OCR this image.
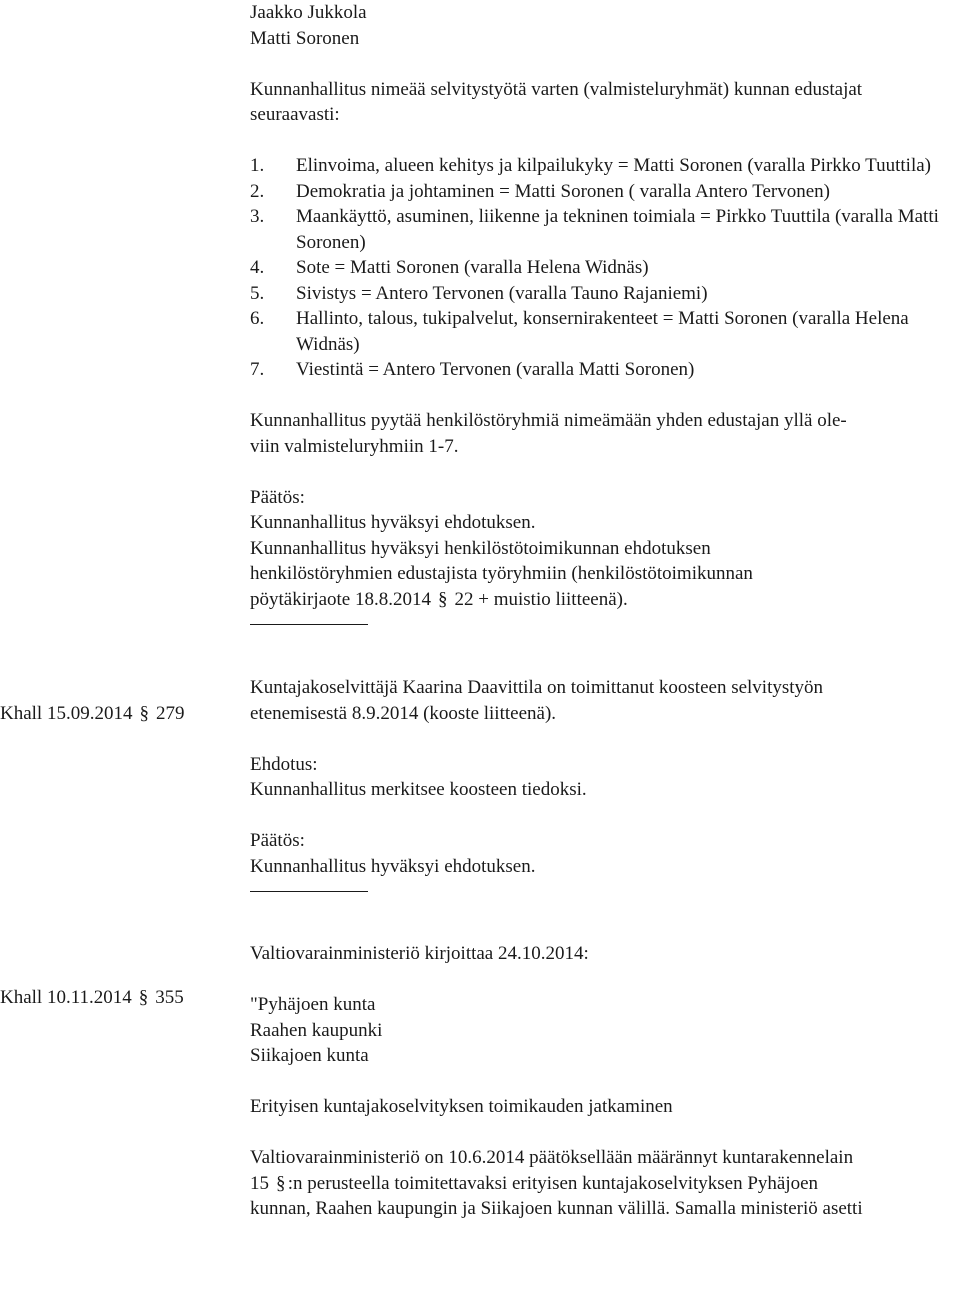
Jaakko Jukkola
Matti Soronen
Kunnanhallitus nimeää selvitystyötä varten (valmisteluryhmät) kunnan edustajat seuraavasti:
1. Elinvoima, alueen kehitys ja kilpailukyky = Matti Soronen (varalla Pirkko Tuuttila)
2. Demokratia ja johtaminen = Matti Soronen ( varalla Antero Tervonen)
3. Maankäyttö, asuminen, liikenne ja tekninen toimiala = Pirkko Tuuttila (varalla Matti Soronen)
4. Sote = Matti Soronen (varalla Helena Widnäs)
5. Sivistys = Antero Tervonen (varalla Tauno Rajaniemi)
6. Hallinto, talous, tukipalvelut, konsernirakenteet = Matti Soronen (varalla Helena Widnäs)
7. Viestintä = Antero Tervonen (varalla Matti Soronen)
Kunnanhallitus pyytää henkilöstöryhmiä nimeämään yhden edustajan yllä ole-
viin valmisteluryhmiin 1-7.
Päätös:
Kunnanhallitus hyväksyi ehdotuksen.
Kunnanhallitus hyväksyi henkilöstötoimikunnan ehdotuksen
henkilöstöryhmien edustajista työryhmiin (henkilöstötoimikunnan
pöytäkirjaote 18.8.2014 § 22 + muistio liitteenä).
Kuntajakoselvittäjä Kaarina Daavittila on toimittanut koosteen selvitystyön
etenemisestä 8.9.2014 (kooste liitteenä).
Ehdotus:
Kunnanhallitus merkitsee koosteen tiedoksi.
Päätös:
Kunnanhallitus hyväksyi ehdotuksen.
Valtiovarainministeriö kirjoittaa 24.10.2014:
"Pyhäjoen kunta
Raahen kaupunki
Siikajoen kunta
Erityisen kuntajakoselvityksen toimikauden jatkaminen
Valtiovarainministeriö on 10.6.2014 päätöksellään määrännyt kuntarakennelain
15 § :n perusteella toimitettavaksi erityisen kuntajakoselvityksen Pyhäjoen
kunnan, Raahen kaupungin ja Siikajoen kunnan välillä. Samalla ministeriö asetti
Khall 15.09.2014 § 279
Khall 10.11.2014 § 355
